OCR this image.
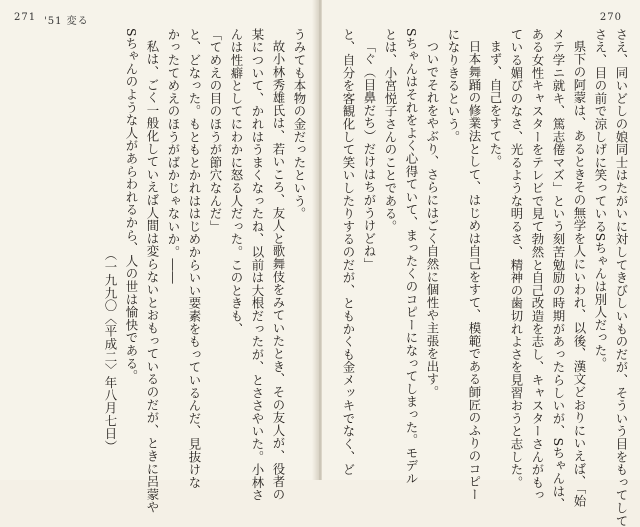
271 '51 変る
うみても本物の金だったという。
故小林秀雄氏は、若いころ、友人と歌舞伎をみていたとき、その友人が、役者の
某について、かれはうまくなったね、以前は大根だったが、とささやいた。小林さ
んは性癖としてにわかに怒る人だった。このときも、
「てめえの目のほうが節穴なんだ」
と、どなった。もともとかれははじめからいい要素をもっているんだ、見抜けな
かったてめえのほうがばかじゃないか。――
私は、ごく一般化していえば人間は変らないとおもっているのだが、ときに呂蒙や
Sちゃんのような人があらわれるから、人の世は愉快である。
（一九九〇〈平成二〉年八月七日）
270
さえ、同いどしの娘同士はたがいに対してきびしいものだが、そういう目をもってして
さえ、目の前で涼しげに笑っているSちゃんは別人だった。
県下の阿蒙は、あるときその無学を人にいわれ、以後、漢文どおりにいえば、「始
メテ学ニ就キ、篤志倦マズ」という刻苦勉励の時期があったらしいが、Sちゃんは、
ある女性キャスターをテレビで見て勃然と自己改造を志し、キャスターさんがもっ
ている媚びのなさ、光るような明るさ、精神の歯切れよさを見習おうと志した。
まず、自己をすてた。
日本舞踊の修業法として、はじめは自己をすて、模範である師匠のふりのコピー
になりきるという。
ついでそれをやぶり、さらにはごく自然に個性や主張を出す。
Sちゃんはそれをよく心得ていて、まったくのコピーになってしまった。モデル
とは、小宮悦子さんのことである。
「ぐ（目鼻だち）だけはちがうけどね」
と、自分を客観化して笑いしたりするのだが、ともかくも金メッキでなく、ど
